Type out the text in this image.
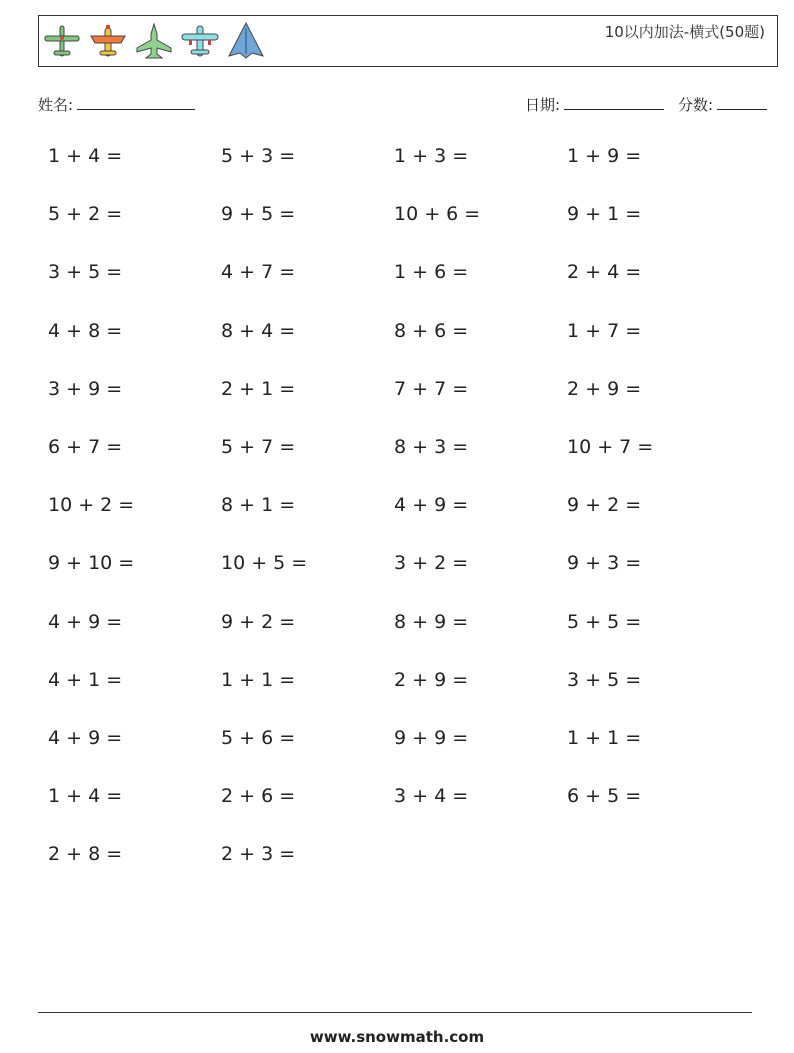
10以内加法-横式(50题)
姓名:	日期:	分数:
1 + 4 =	5 + 3 =	1 + 3 =	1 + 9 =
5 + 2 =	9 + 5 =	10 + 6 =	9 + 1 =
3 + 5 =	4 + 7 =	1 + 6 =	2 + 4 =
4 + 8 =	8 + 4 =	8 + 6 =	1 + 7 =
3 + 9 =	2 + 1 =	7 + 7 =	2 + 9 =
6 + 7 =	5 + 7 =	8 + 3 =	10 + 7 =
10 + 2 =	8 + 1 =	4 + 9 =	9 + 2 =
9 + 10 =	10 + 5 =	3 + 2 =	9 + 3 =
4 + 9 =	9 + 2 =	8 + 9 =	5 + 5 =
4 + 1 =	1 + 1 =	2 + 9 =	3 + 5 =
4 + 9 =	5 + 6 =	9 + 9 =	1 + 1 =
1 + 4 =	2 + 6 =	3 + 4 =	6 + 5 =
2 + 8 =	2 + 3 =
www.snowmath.com
